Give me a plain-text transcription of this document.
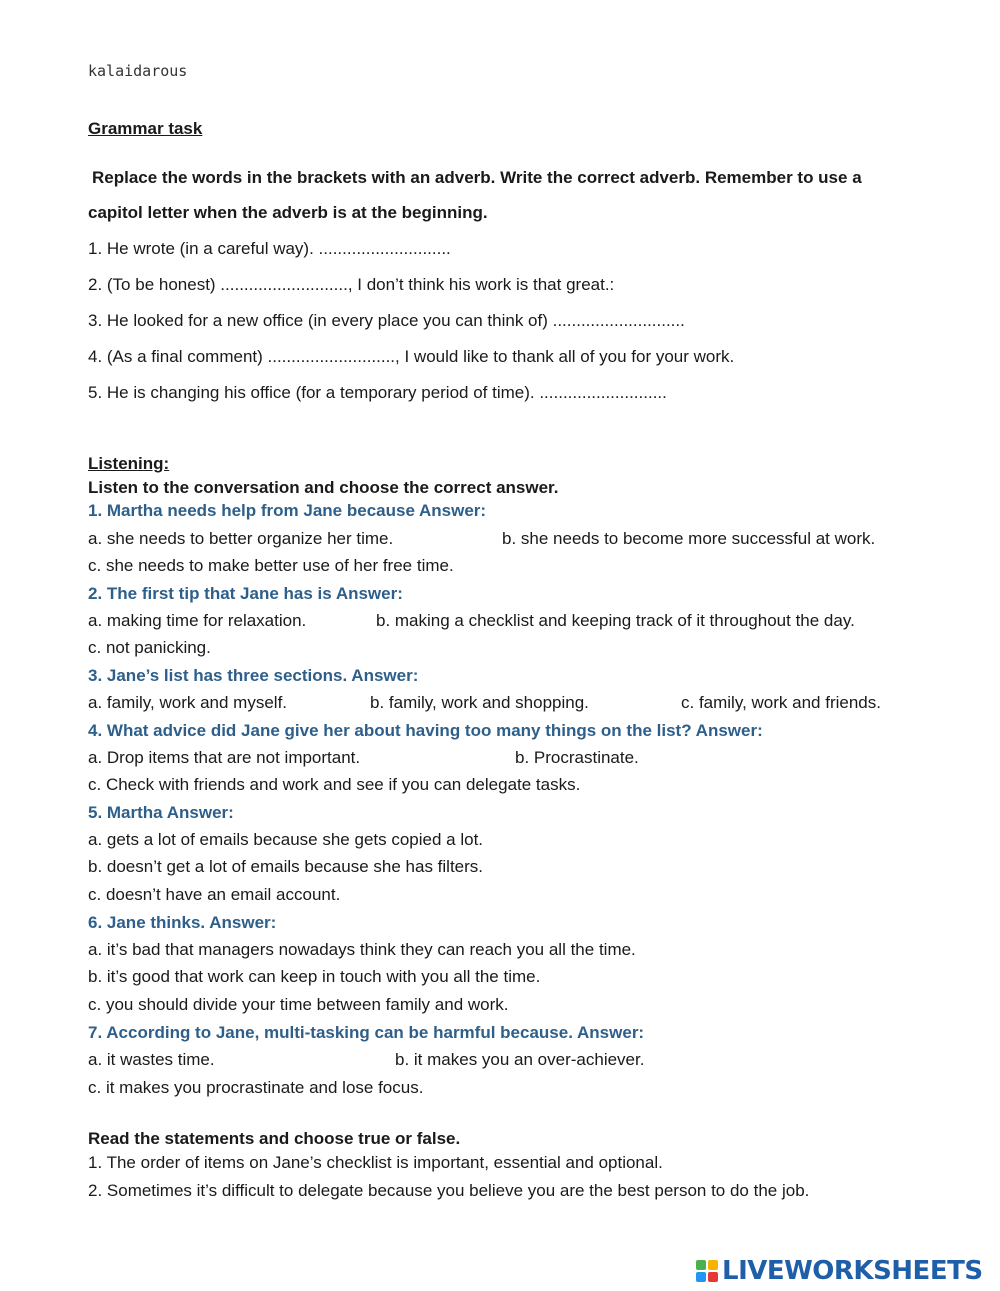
kalaidarous
Grammar task
Replace the words in the brackets with an adverb. Write the correct adverb. Remember to use a
capitol letter when the adverb is at the beginning.
1. He wrote (in a careful way). ............................
2. (To be honest) ..........................., I don’t think his work is that great.:
3. He looked for a new office (in every place you can think of) ............................
4. (As a final comment) ..........................., I would like to thank all of you for your work.
5. He is changing his office (for a temporary period of time). ...........................
Listening:
Listen to the conversation and choose the correct answer.
1. Martha needs help from Jane because Answer:
a. she needs to better organize her time.	b. she needs to become more successful at work.
c. she needs to make better use of her free time.
2. The first tip that Jane has is Answer:
a. making time for relaxation.	b. making a checklist and keeping track of it throughout the day.
c. not panicking.
3. Jane’s list has three sections. Answer:
a. family, work and myself.	b. family, work and shopping.	c. family, work and friends.
4. What advice did Jane give her about having too many things on the list? Answer:
a. Drop items that are not important.	b. Procrastinate.
c. Check with friends and work and see if you can delegate tasks.
5. Martha Answer:
a. gets a lot of emails because she gets copied a lot.
b. doesn’t get a lot of emails because she has filters.
c. doesn’t have an email account.
6. Jane thinks. Answer:
a. it’s bad that managers nowadays think they can reach you all the time.
b. it’s good that work can keep in touch with you all the time.
c. you should divide your time between family and work.
7. According to Jane, multi-tasking can be harmful because. Answer:
a. it wastes time.	b. it makes you an over-achiever.
c. it makes you procrastinate and lose focus.
Read the statements and choose true or false.
1. The order of items on Jane’s checklist is important, essential and optional.
2. Sometimes it’s difficult to delegate because you believe you are the best person to do the job.
LIVEWORKSHEETS
